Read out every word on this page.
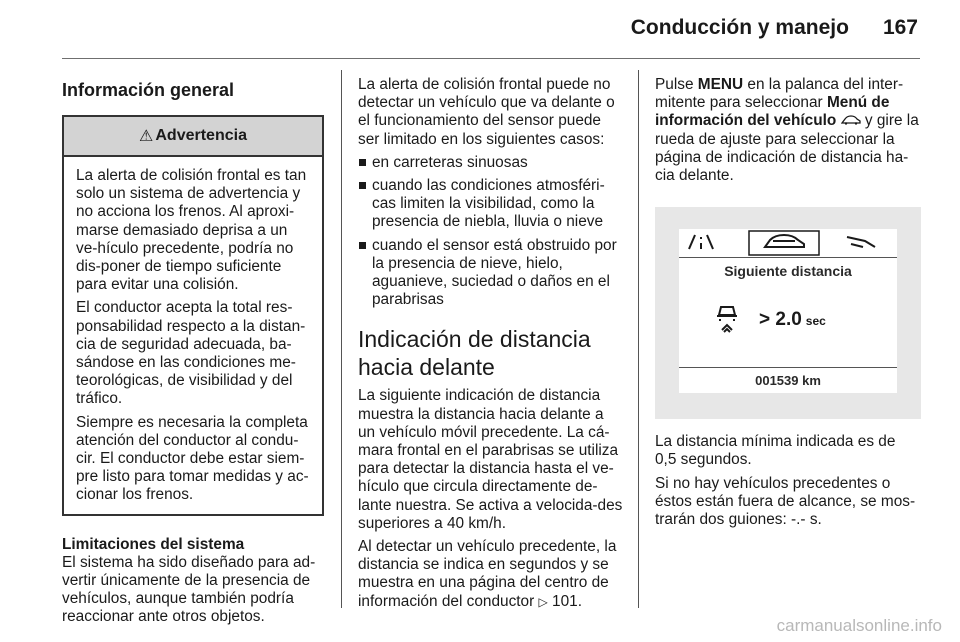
Conducción y manejo 167
Información general
⚠ Advertencia

La alerta de colisión frontal es tan solo un sistema de advertencia y no acciona los frenos. Al aproxi-marse demasiado deprisa a un ve-hículo precedente, podría no dis-poner de tiempo suficiente para evitar una colisión.

El conductor acepta la total res-ponsabilidad respecto a la distan-cia de seguridad adecuada, ba-sándose en las condiciones me-teorológicas, de visibilidad y del tráfico.

Siempre es necesaria la completa atención del conductor al condu-cir. El conductor debe estar siem-pre listo para tomar medidas y ac-cionar los frenos.

Limitaciones del sistema

El sistema ha sido diseñado para ad-vertir únicamente de la presencia de vehículos, aunque también podría reaccionar ante otros objetos.

La alerta de colisión frontal puede no detectar un vehículo que va delante o el funcionamiento del sensor puede ser limitado en los siguientes casos:

en carreteras sinuosas
cuando las condiciones atmosféri-cas limiten la visibilidad, como la presencia de niebla, lluvia o nieve
cuando el sensor está obstruido por la presencia de nieve, hielo, aguanieve, suciedad o daños en el parabrisas
Indicación de distancia hacia delante

La siguiente indicación de distancia muestra la distancia hacia delante a un vehículo móvil precedente. La cá-mara frontal en el parabrisas se utiliza para detectar la distancia hasta el ve-hículo que circula directamente de-lante nuestra. Se activa a velocida-des superiores a 40 km/h.

Al detectar un vehículo precedente, la distancia se indica en segundos y se muestra en una página del centro de información del conductor ▷ 101.

Pulse MENU en la palanca del inter-mitente para seleccionar Menú de información del vehículo  y gire la rueda de ajuste para seleccionar la página de indicación de distancia ha-cia delante.

Siguiente distancia
> 2.0 sec
001539 km

La distancia mínima indicada es de 0,5 segundos.

Si no hay vehículos precedentes o éstos están fuera de alcance, se mos-trarán dos guiones: -.- s.

carmanualsonline.info
